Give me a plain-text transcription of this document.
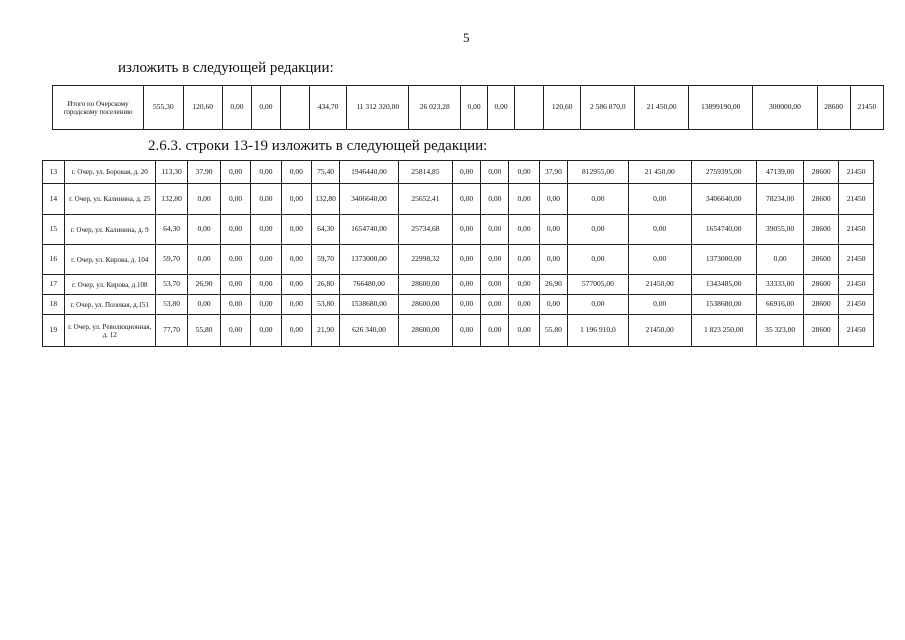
5
изложить в следующей редакции:
Итого по Очерскому городскому поселению	555,30	120,60	0,00	0,00		434,70	11 312 320,00	26 023,28	0,00	0,00		120,60	2 586 870,0	21 450,00	13899190,00	300000,00	28600	21450
2.6.3. строки 13-19 изложить в следующей редакции:
13	г. Очер, ул. Боровая, д. 20	113,30	37,90	0,00	0,00	0,00	75,40	1946440,00	25814,85	0,00	0,00	0,00	37,90	812955,00	21 450,00	2759395,00	47139,00	28600	21450
14	г. Очер, ул. Калинина, д. 25	132,80	0,00	0,00	0,00	0,00	132,80	3406640,00	25652,41	0,00	0,00	0,00	0,00	0,00	0,00	3406640,00	78234,00	28600	21450
15	г. Очер, ул. Калинина, д. 9	64,30	0,00	0,00	0,00	0,00	64,30	1654740,00	25734,68	0,00	0,00	0,00	0,00	0,00	0,00	1654740,00	39055,00	28600	21450
16	г. Очер, ул. Кирова, д. 104	59,70	0,00	0,00	0,00	0,00	59,70	1373000,00	22998,32	0,00	0,00	0,00	0,00	0,00	0,00	1373000,00	0,00	28600	21450
17	г. Очер, ул. Кирова, д.108	53,70	26,90	0,00	0,00	0,00	26,80	766480,00	28600,00	0,00	0,00	0,00	26,90	577005,00	21450,00	1343485,00	33333,00	28600	21450
18	г. Очер, ул. Полевая, д.151	53,80	0,00	0,00	0,00	0,00	53,80	1538680,00	28600,00	0,00	0,00	0,00	0,00	0,00	0,00	1538680,00	66916,00	28600	21450
19	г. Очер, ул. Революционная, д. 12	77,70	55,80	0,00	0,00	0,00	21,90	626 340,00	28600,00	0,00	0,00	0,00	55,80	1 196 910,0	21450,00	1 823 250,00	35 323,00	28600	21450
